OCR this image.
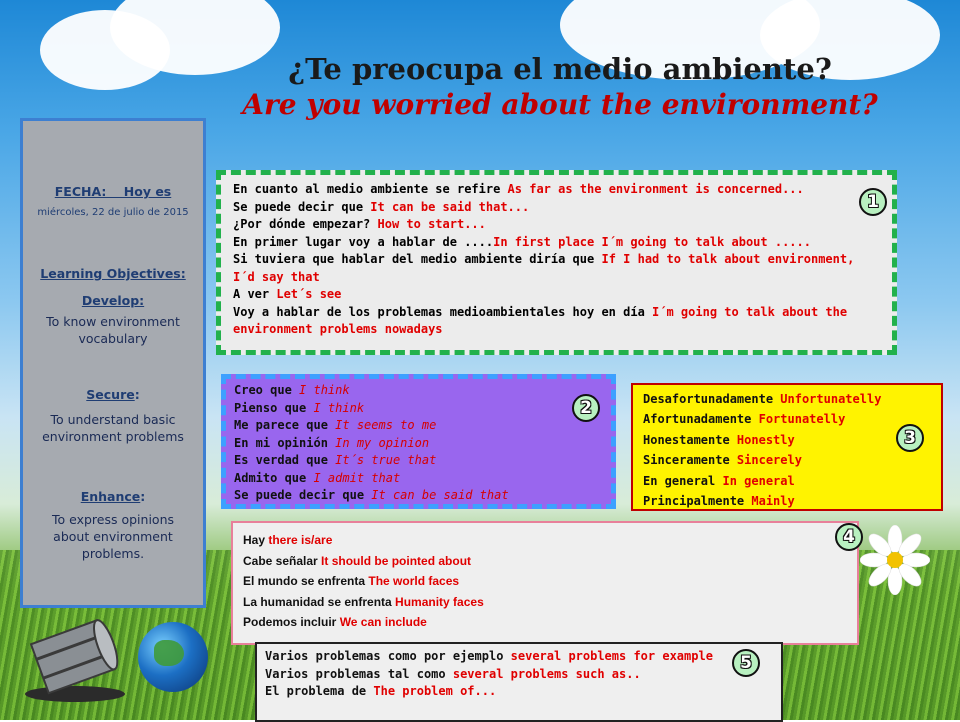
¿Te preocupa el medio ambiente?
Are you worried about the environment?
FECHA:    Hoy es
miércoles, 22 de julio de 2015
Learning Objectives:
Develop:
To know environment vocabulary
Secure:
To understand basic environment problems
Enhance:
To express opinions about environment problems.
En cuanto al medio ambiente se refire As far as the environment is concerned...
Se puede decir que It can be said that...
¿Por dónde empezar? How to start...
En primer lugar voy a hablar de ....In first place I´m going to talk about .....
Si tuviera que hablar del medio ambiente diría que If I had to talk about environment, I´d say that
A ver Let´s see
Voy a hablar de los problemas medioambientales hoy en día I´m going to talk about the environment problems nowadays
1
Creo que I think
Pienso que I think
Me parece que It seems to me
En mi opinión In my opinion
Es verdad que It´s true that
Admito que I admit that
Se puede decir que It can be said that
2	Desafortunadamente Unfortunatelly
Afortunadamente Fortunatelly
Honestamente Honestly
Sinceramente Sincerely
En general In general
Principalmente Mainly
3
Hay there is/are
Cabe señalar It should be pointed about
El mundo se enfrenta The world faces
La humanidad se enfrenta Humanity faces
Podemos incluir We can include
4
Varios problemas como por ejemplo several problems for example
Varios problemas tal como several problems such as..
El problema de The problem of...
5
